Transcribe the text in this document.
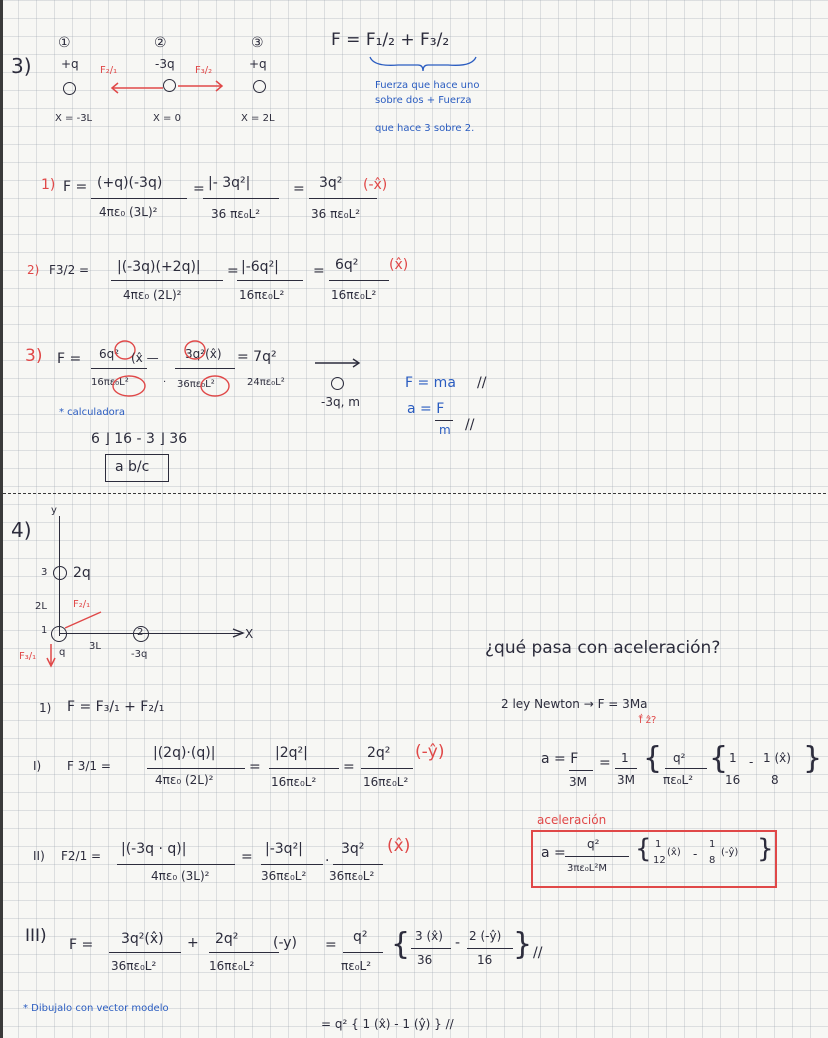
3)
①	②	③
+q	-3q	+q
F₂/₁	F₃/₂
X = -3L	X = 0	X = 2L
F = F₁/₂ + F₃/₂
Fuerza que hace uno
sobre dos + Fuerza
que hace 3 sobre 2.
1) F = (+q)(-3q)
4πε₀ (3L)²
= |- 3q²|
36 πε₀L²
= 3q²
36 πε₀L²
(-x̂)
2) F3/2 = |(-3q)(+2q)|
4πε₀ (2L)²
= |-6q²|
16πε₀L²
= 6q²
16πε₀L²
(x̂)
3) F = 6q²
16πε₀L²
(x̂ — 3q²(x̂)
36πε₀L²
·
= 7q²
24πε₀L²
-3q, m
F = ma //
a = F
m //
* calculadora
6 ⌋ 16 - 3 ⌋ 36
a b/c
4)
y
X
3 2q
2L
1
q
3L
2
-3q
F₂/₁
F₃/₁	¿qué pasa con aceleración?
2 ley Newton → F = 3Ma
ḟ̂ ẑ?
1) F = F₃/₁ + F₂/₁
I) F 3/1 =
|(2q)·(q)|
4πε₀ (2L)²
=
|2q²|
16πε₀L²
=
2q²
16πε₀L²
(-ŷ)
II) F2/1 = |(-3q · q)|
4πε₀ (3L)²
= |-3q²|
36πε₀L²
. 3q²
36πε₀L²
(x̂)
III) F = 3q²(x̂)
36πε₀L²
+ 2q² (-y)
16πε₀L²
= q²
πε₀L²
{ 3 (x̂)
36
- 2 (-ŷ)
16 } //
a = F
3M
= 1
3M
{ q²
πε₀L²
{ 1
16
- 1 (x̂)
8
}
aceleración
a =
q²
3πε₀L²M
{ 1
12
(x̂) -
1
8
(-ŷ) }
* Dibujalo con vector modelo
= q² { 1 (x̂) - 1 (ŷ) } //
